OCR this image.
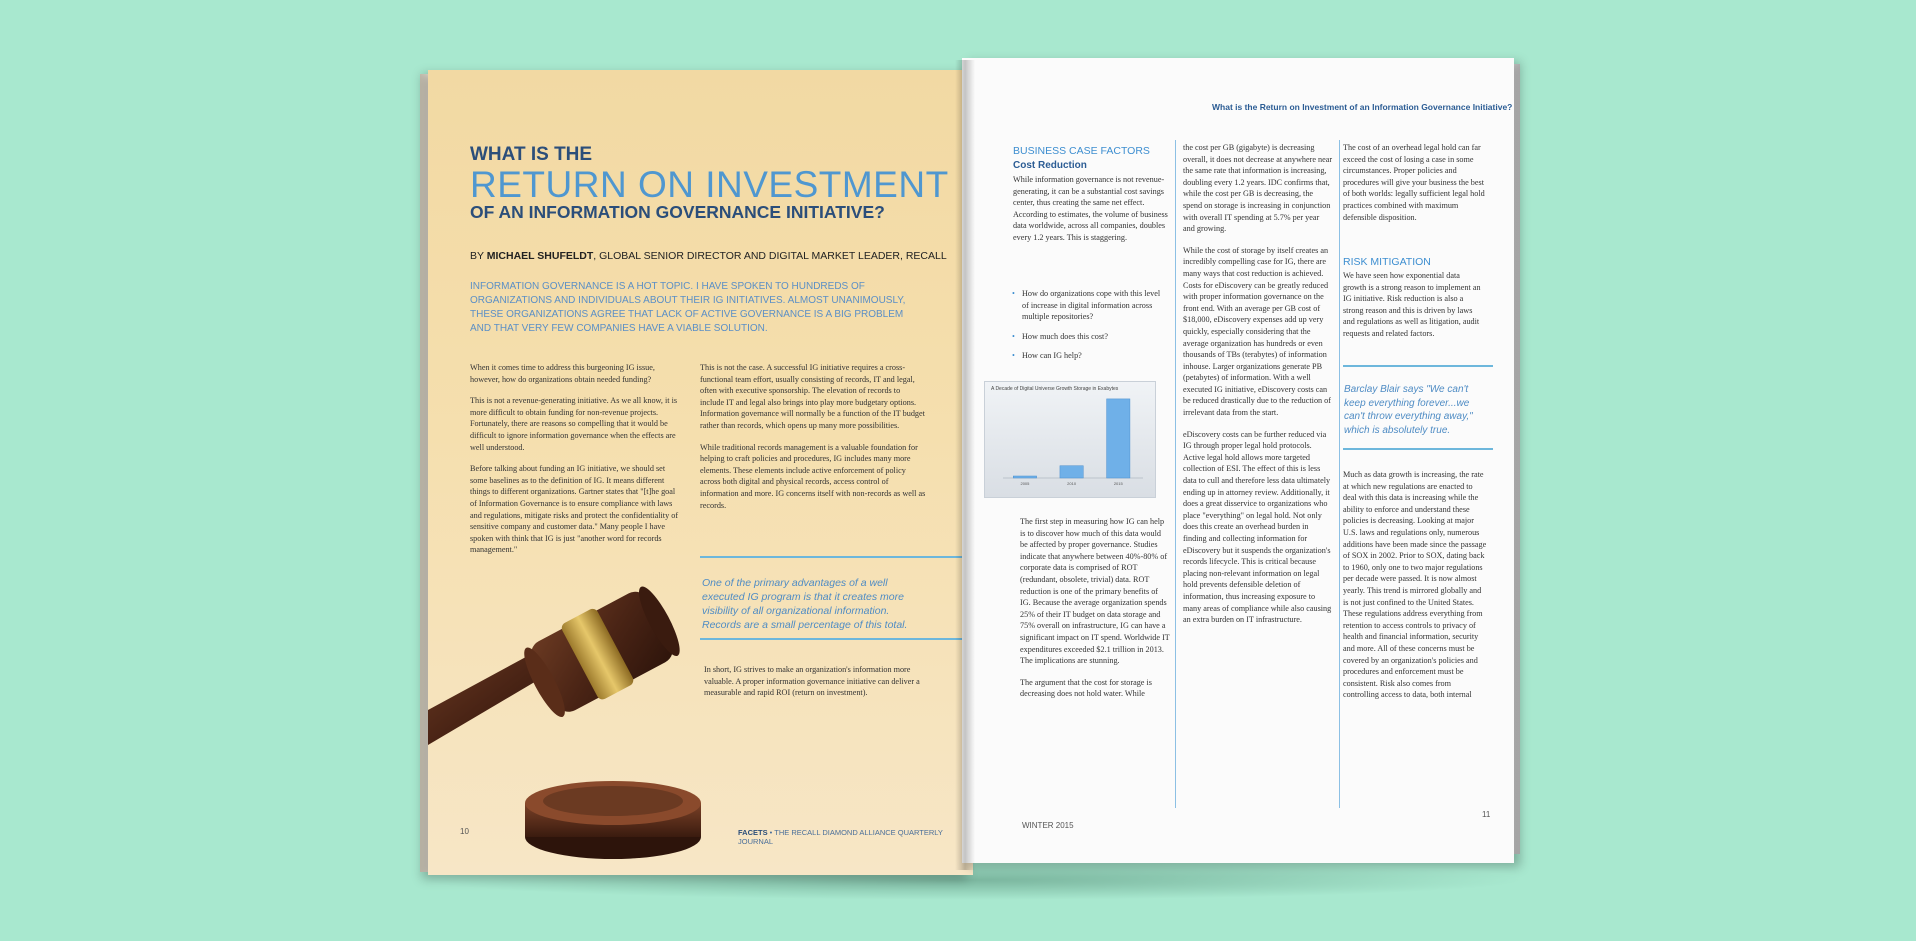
WHAT IS THE
RETURN ON INVESTMENT
OF AN INFORMATION GOVERNANCE INITIATIVE?
BY MICHAEL SHUFELDT, GLOBAL SENIOR DIRECTOR AND DIGITAL MARKET LEADER, RECALL
INFORMATION GOVERNANCE IS A HOT TOPIC. I HAVE SPOKEN TO HUNDREDS OF ORGANIZATIONS AND INDIVIDUALS ABOUT THEIR IG INITIATIVES. ALMOST UNANIMOUSLY, THESE ORGANIZATIONS AGREE THAT LACK OF ACTIVE GOVERNANCE IS A BIG PROBLEM AND THAT VERY FEW COMPANIES HAVE A VIABLE SOLUTION.

When it comes time to address this burgeoning IG issue, however, how do organizations obtain needed funding?

This is not a revenue-generating initiative. As we all know, it is more difficult to obtain funding for non-revenue projects. Fortunately, there are reasons so compelling that it would be difficult to ignore information governance when the effects are well understood.

Before talking about funding an IG initiative, we should set some baselines as to the definition of IG. It means different things to different organizations. Gartner states that "[t]he goal of Information Governance is to ensure compliance with laws and regulations, mitigate risks and protect the confidentiality of sensitive company and customer data." Many people I have spoken with think that IG is just "another word for records management."

This is not the case. A successful IG initiative requires a cross-functional team effort, usually consisting of records, IT and legal, often with executive sponsorship. The elevation of records to include IT and legal also brings into play more budgetary options. Information governance will normally be a function of the IT budget rather than records, which opens up many more possibilities.

While traditional records management is a valuable foundation for helping to craft policies and procedures, IG includes many more elements. These elements include active enforcement of policy across both digital and physical records, access control of information and more. IG concerns itself with non-records as well as records.

One of the primary advantages of a well executed IG program is that it creates more visibility of all organizational information. Records are a small percentage of this total.

In short, IG strives to make an organization's information more valuable. A proper information governance initiative can deliver a measurable and rapid ROI (return on investment).

10	FACETS • THE RECALL DIAMOND ALLIANCE QUARTERLY JOURNAL
What is the Return on Investment of an Information Governance Initiative?
BUSINESS CASE FACTORS
Cost Reduction

While information governance is not revenue-generating, it can be a substantial cost savings center, thus creating the same net effect. According to estimates, the volume of business data worldwide, across all companies, doubles every 1.2 years. This is staggering.

• How do organizations cope with this level of increase in digital information across multiple repositories?
• How much does this cost?
• How can IG help?
A Decade of Digital Universe Growth Storage in Exabytes
2005	2010	2015

The first step in measuring how IG can help is to discover how much of this data would be affected by proper governance. Studies indicate that anywhere between 40%-80% of corporate data is comprised of ROT (redundant, obsolete, trivial) data. ROT reduction is one of the primary benefits of IG. Because the average organization spends 25% of their IT budget on data storage and 75% overall on infrastructure, IG can have a significant impact on IT spend. Worldwide IT expenditures exceeded $2.1 trillion in 2013. The implications are stunning.

The argument that the cost for storage is decreasing does not hold water. While

the cost per GB (gigabyte) is decreasing overall, it does not decrease at anywhere near the same rate that information is increasing, doubling every 1.2 years. IDC confirms that, while the cost per GB is decreasing, the spend on storage is increasing in conjunction with overall IT spending at 5.7% per year and growing.

While the cost of storage by itself creates an incredibly compelling case for IG, there are many ways that cost reduction is achieved. Costs for eDiscovery can be greatly reduced with proper information governance on the front end. With an average per GB cost of $18,000, eDiscovery expenses add up very quickly, especially considering that the average organization has hundreds or even thousands of TBs (terabytes) of information inhouse. Larger organizations generate PB (petabytes) of information. With a well executed IG initiative, eDiscovery costs can be reduced drastically due to the reduction of irrelevant data from the start.

eDiscovery costs can be further reduced via IG through proper legal hold protocols. Active legal hold allows more targeted collection of ESI. The effect of this is less data to cull and therefore less data ultimately ending up in attorney review. Additionally, it does a great disservice to organizations who place "everything" on legal hold. Not only does this create an overhead burden in finding and collecting information for eDiscovery but it suspends the organization's records lifecycle. This is critical because placing non-relevant information on legal hold prevents defensible deletion of information, thus increasing exposure to many areas of compliance while also causing an extra burden on IT infrastructure.

The cost of an overhead legal hold can far exceed the cost of losing a case in some circumstances. Proper policies and procedures will give your business the best of both worlds: legally sufficient legal hold practices combined with maximum defensible disposition.

RISK MITIGATION

We have seen how exponential data growth is a strong reason to implement an IG initiative. Risk reduction is also a strong reason and this is driven by laws and regulations as well as litigation, audit requests and related factors.

Barclay Blair says "We can't keep everything forever...we can't throw everything away," which is absolutely true.

Much as data growth is increasing, the rate at which new regulations are enacted to deal with this data is increasing while the ability to enforce and understand these policies is decreasing. Looking at major U.S. laws and regulations only, numerous additions have been made since the passage of SOX in 2002. Prior to SOX, dating back to 1960, only one to two major regulations per decade were passed. It is now almost yearly. This trend is mirrored globally and is not just confined to the United States. These regulations address everything from retention to access controls to privacy of health and financial information, security and more. All of these concerns must be covered by an organization's policies and procedures and enforcement must be consistent. Risk also comes from controlling access to data, both internal

WINTER 2015
11
